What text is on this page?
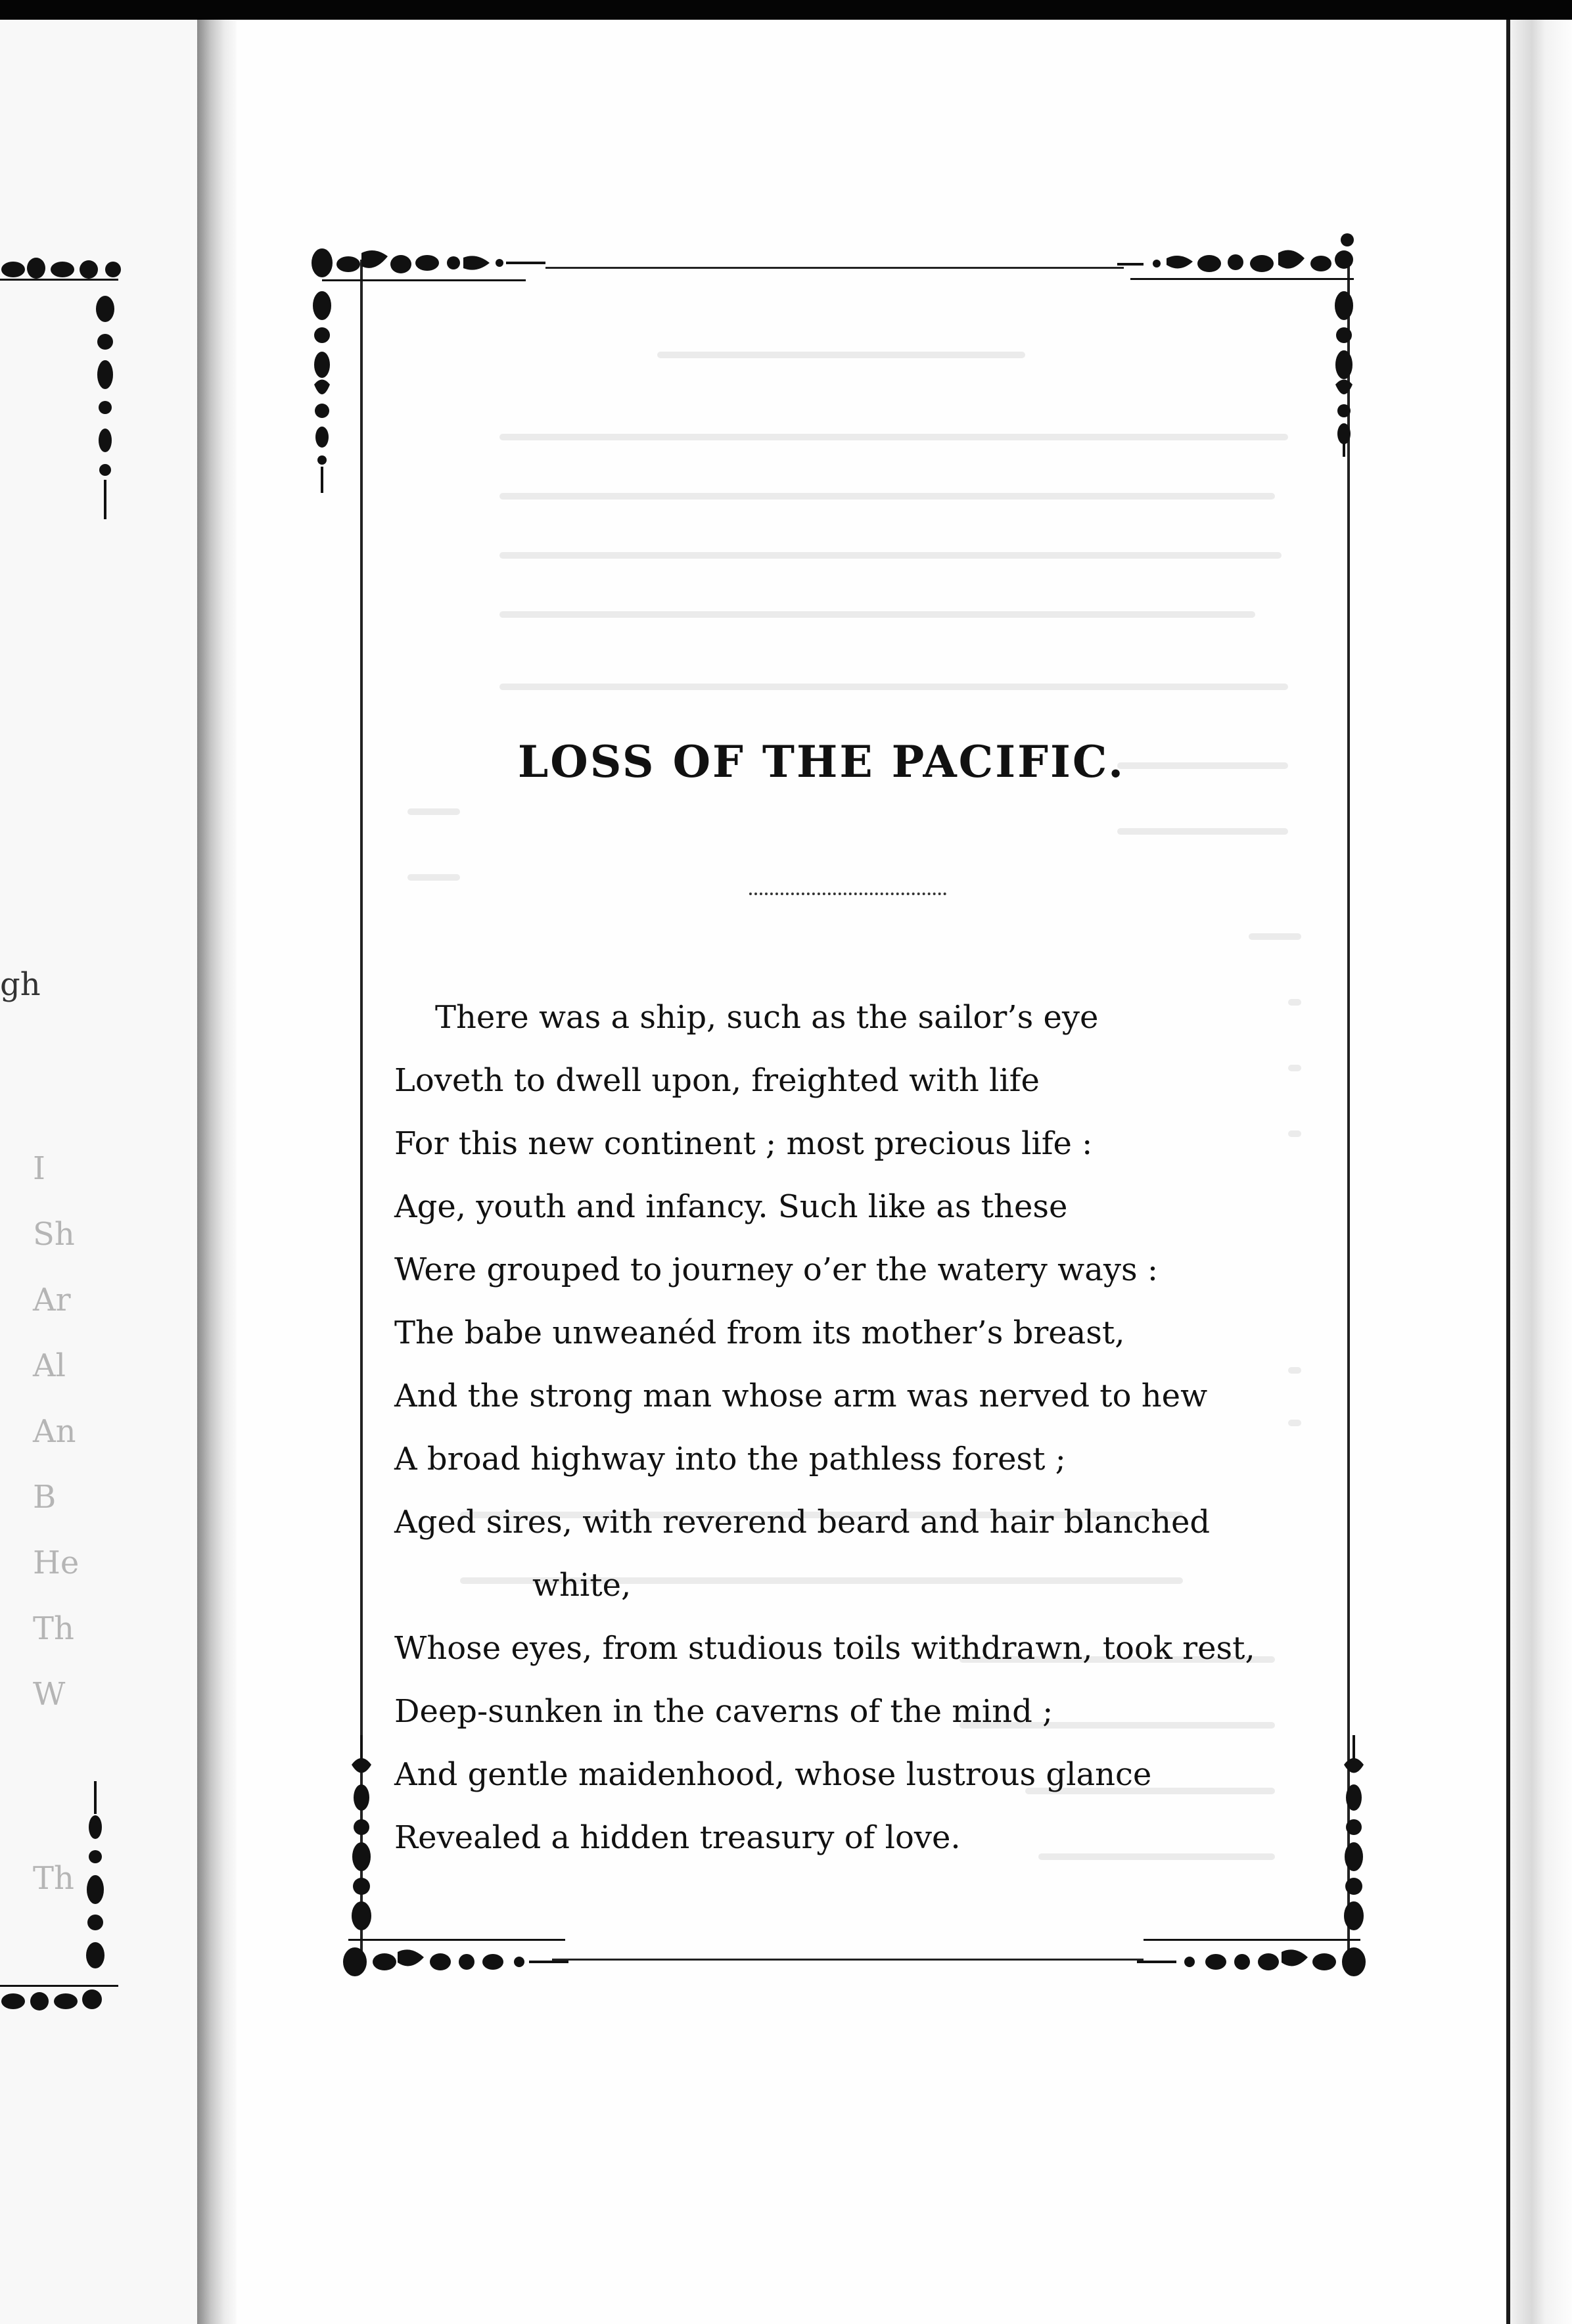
gh
I
Sh
Ar
Al
An
B
He
Th
W
Th
LOSS OF THE PACIFIC.
There was a ship, such as the sailor’s eye
Loveth to dwell upon, freighted with life
For this new continent ; most precious life :
Age, youth and infancy. Such like as these
Were grouped to journey o’er the watery ways :
The babe unweanéd from its mother’s breast,
And the strong man whose arm was nerved to hew
A broad highway into the pathless forest ;
Aged sires, with reverend beard and hair blanched
white,
Whose eyes, from studious toils withdrawn, took rest,
Deep-sunken in the caverns of the mind ;
And gentle maidenhood, whose lustrous glance
Revealed a hidden treasury of love.
